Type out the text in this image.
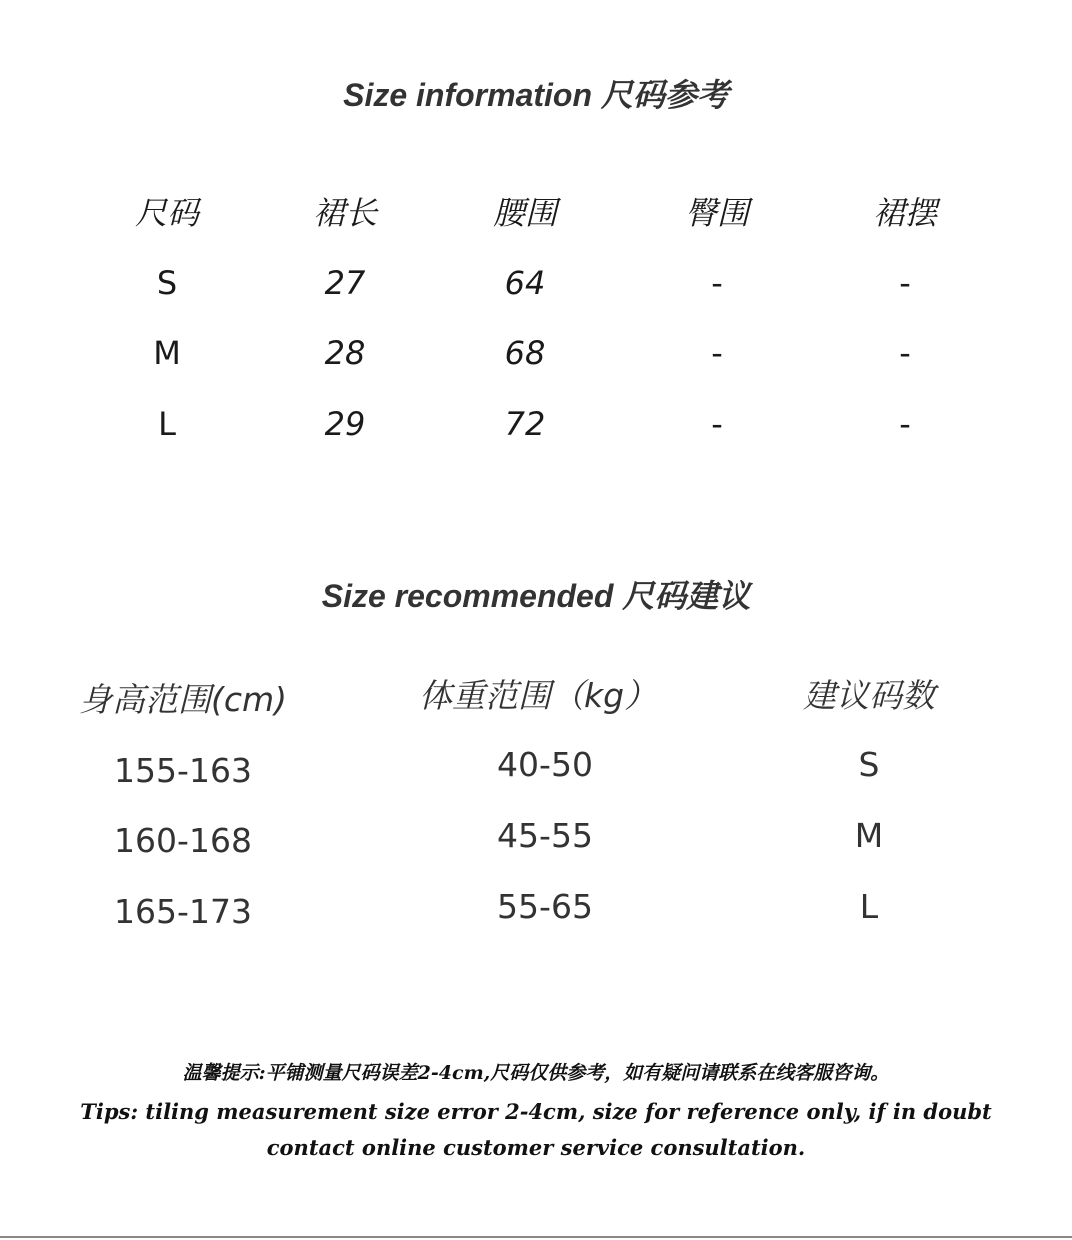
Size information 尺码参考
尺码	裙长	腰围	臀围	裙摆
S	27	64	-	-
M	28	68	-	-
L	29	72	-	-
Size recommended 尺码建议
身高范围(cm)	体重范围（kg）	建议码数
155-163	40-50	S
160-168	45-55	M
165-173	55-65	L

温馨提示:平铺测量尺码误差2-4cm,尺码仅供参考，如有疑问请联系在线客服咨询。

Tips: tiling measurement size error 2-4cm, size for reference only, if in doubt contact online customer service consultation.
